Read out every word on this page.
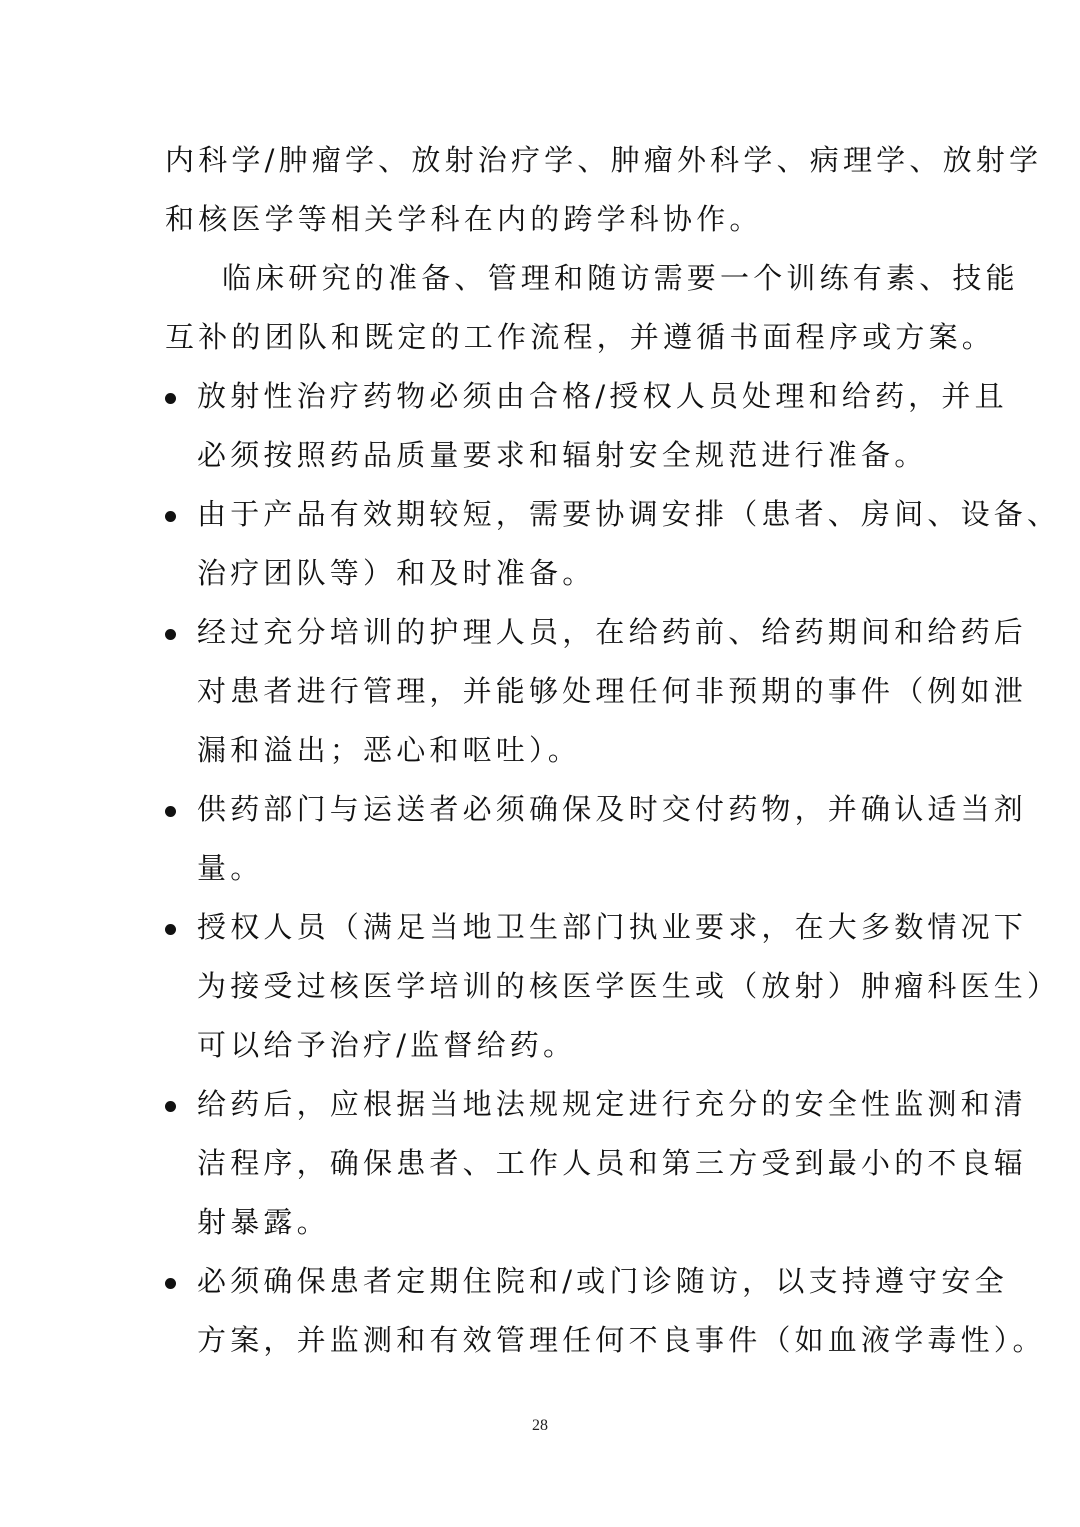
内科学/肿瘤学、放射治疗学、肿瘤外科学、病理学、放射学
和核医学等相关学科在内的跨学科协作。
临床研究的准备、管理和随访需要一个训练有素、技能
互补的团队和既定的工作流程，并遵循书面程序或方案。
放射性治疗药物必须由合格/授权人员处理和给药，并且
必须按照药品质量要求和辐射安全规范进行准备。
由于产品有效期较短，需要协调安排（患者、房间、设备、
治疗团队等）和及时准备。
经过充分培训的护理人员，在给药前、给药期间和给药后
对患者进行管理，并能够处理任何非预期的事件（例如泄
漏和溢出；恶心和呕吐）。
供药部门与运送者必须确保及时交付药物，并确认适当剂
量。
授权人员（满足当地卫生部门执业要求，在大多数情况下
为接受过核医学培训的核医学医生或（放射）肿瘤科医生）
可以给予治疗/监督给药。
给药后，应根据当地法规规定进行充分的安全性监测和清
洁程序，确保患者、工作人员和第三方受到最小的不良辐
射暴露。
必须确保患者定期住院和/或门诊随访，以支持遵守安全
方案，并监测和有效管理任何不良事件（如血液学毒性）。
28
